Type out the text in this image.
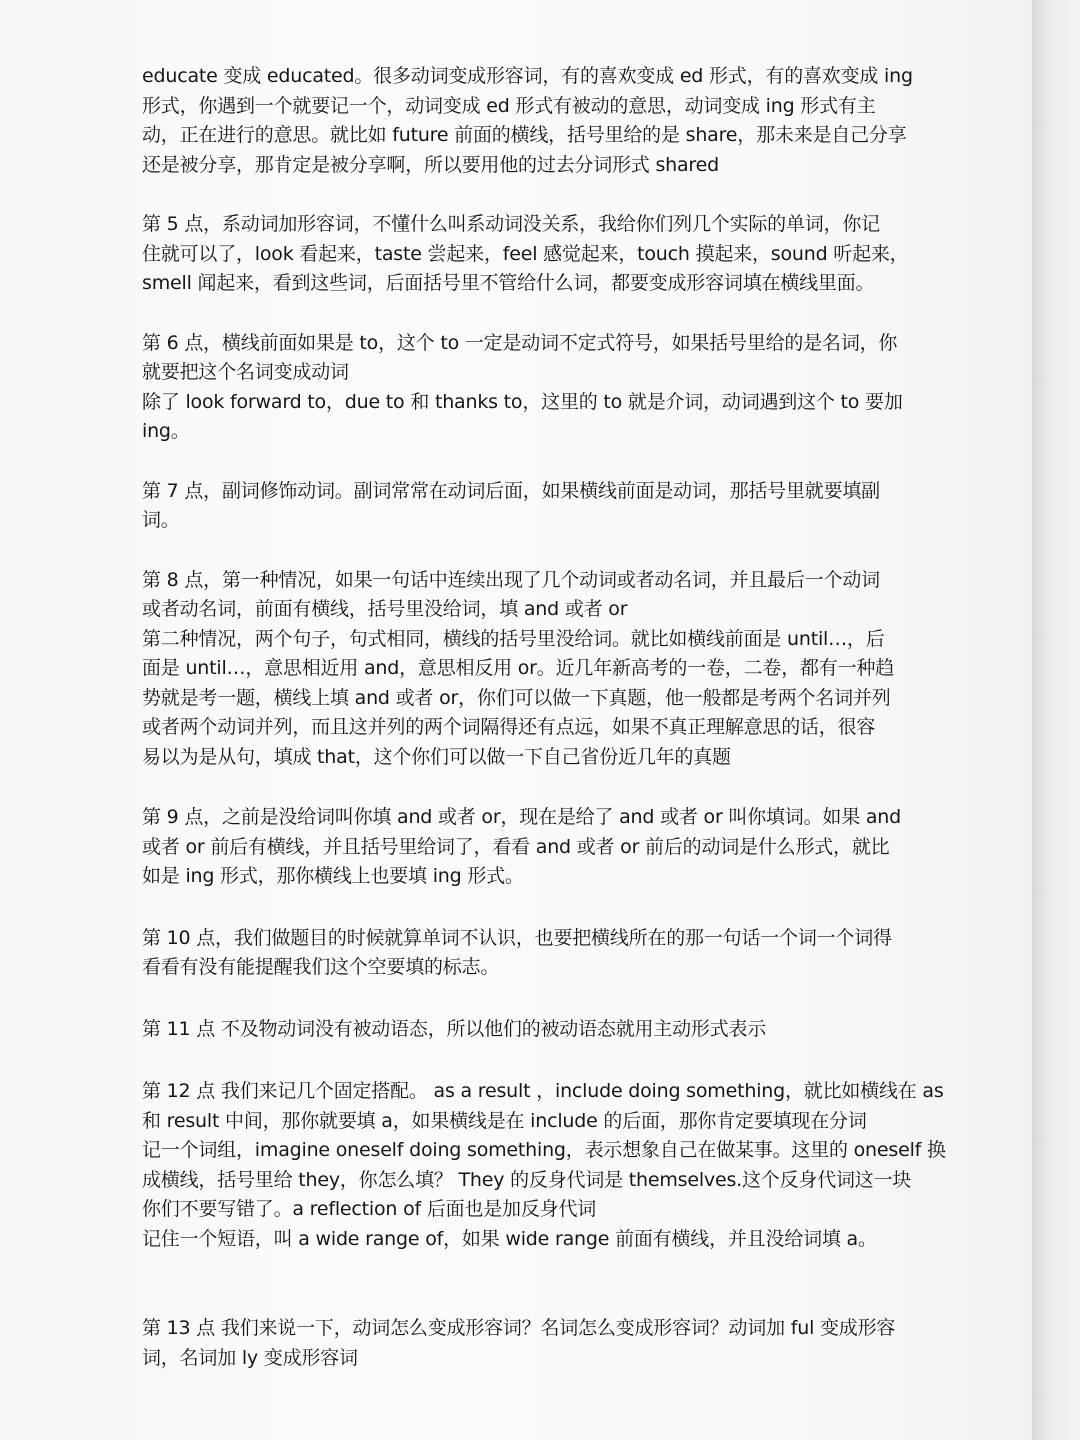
educate 变成 educated。很多动词变成形容词，有的喜欢变成 ed 形式，有的喜欢变成 ing
形式，你遇到一个就要记一个，动词变成 ed 形式有被动的意思，动词变成 ing 形式有主
动，正在进行的意思。就比如 future 前面的横线，括号里给的是 share，那未来是自己分享
还是被分享，那肯定是被分享啊，所以要用他的过去分词形式 shared
第 5 点，系动词加形容词，不懂什么叫系动词没关系，我给你们列几个实际的单词，你记
住就可以了，look 看起来，taste 尝起来，feel 感觉起来，touch 摸起来，sound 听起来，
smell 闻起来，看到这些词，后面括号里不管给什么词，都要变成形容词填在横线里面。
第 6 点，横线前面如果是 to，这个 to 一定是动词不定式符号，如果括号里给的是名词，你
就要把这个名词变成动词
除了 look forward to，due to 和 thanks to，这里的 to 就是介词，动词遇到这个 to 要加
ing。
第 7 点，副词修饰动词。副词常常在动词后面，如果横线前面是动词，那括号里就要填副
词。
第 8 点，第一种情况，如果一句话中连续出现了几个动词或者动名词，并且最后一个动词
或者动名词，前面有横线，括号里没给词，填 and 或者 or
第二种情况，两个句子，句式相同，横线的括号里没给词。就比如横线前面是 until…，后
面是 until…，意思相近用 and，意思相反用 or。近几年新高考的一卷，二卷，都有一种趋
势就是考一题，横线上填 and 或者 or，你们可以做一下真题，他一般都是考两个名词并列
或者两个动词并列，而且这并列的两个词隔得还有点远，如果不真正理解意思的话，很容
易以为是从句，填成 that，这个你们可以做一下自己省份近几年的真题
第 9 点，之前是没给词叫你填 and 或者 or，现在是给了 and 或者 or 叫你填词。如果 and
或者 or 前后有横线，并且括号里给词了，看看 and 或者 or 前后的动词是什么形式，就比
如是 ing 形式，那你横线上也要填 ing 形式。
第 10 点，我们做题目的时候就算单词不认识，也要把横线所在的那一句话一个词一个词得
看看有没有能提醒我们这个空要填的标志。
第 11 点 不及物动词没有被动语态，所以他们的被动语态就用主动形式表示
第 12 点 我们来记几个固定搭配。 as a result ，include doing something，就比如横线在 as
和 result 中间，那你就要填 a，如果横线是在 include 的后面，那你肯定要填现在分词
记一个词组，imagine oneself doing something，表示想象自己在做某事。这里的 oneself 换
成横线，括号里给 they，你怎么填？ They 的反身代词是 themselves.这个反身代词这一块
你们不要写错了。a reflection of 后面也是加反身代词
记住一个短语，叫 a wide range of，如果 wide range 前面有横线，并且没给词填 a。
第 13 点 我们来说一下，动词怎么变成形容词？名词怎么变成形容词？动词加 ful 变成形容
词，名词加 ly 变成形容词
